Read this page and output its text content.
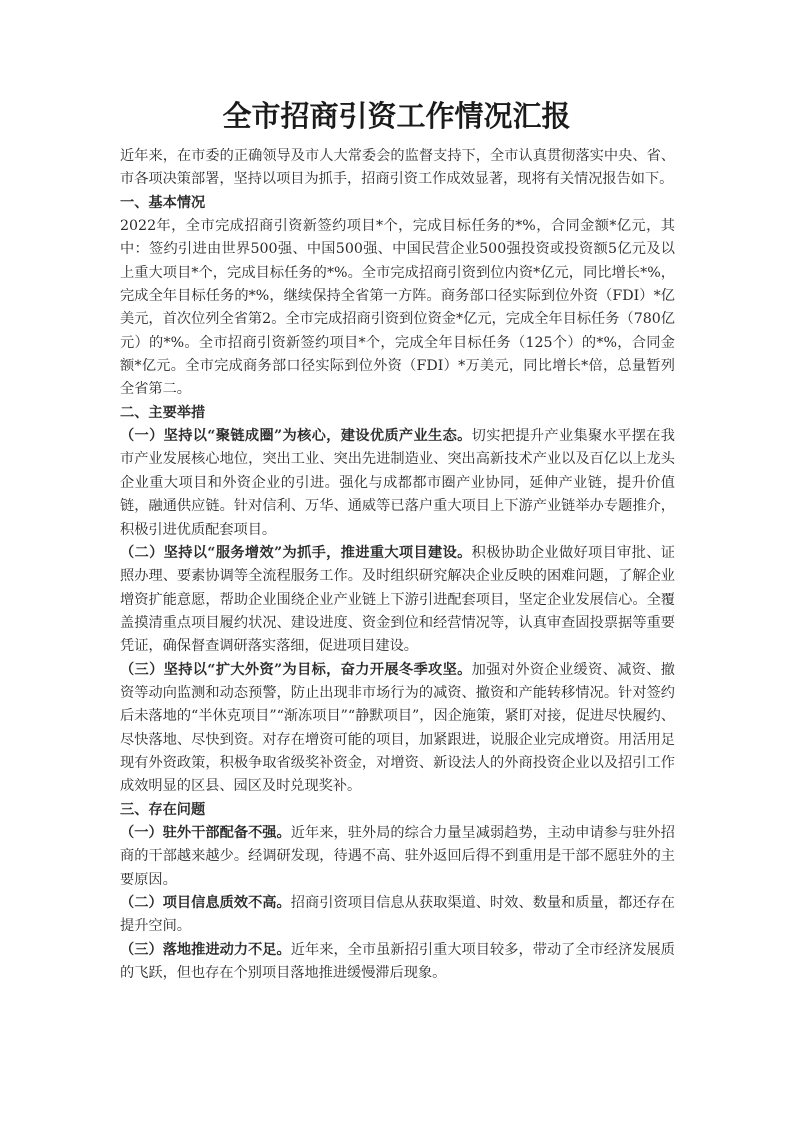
全市招商引资工作情况汇报

近年来，在市委的正确领导及市人大常委会的监督支持下，全市认真贯彻落实中央、省、市各项决策部署，坚持以项目为抓手，招商引资工作成效显著，现将有关情况报告如下。

一、基本情况

2022年，全市完成招商引资新签约项目*个，完成目标任务的*%，合同金额*亿元，其中：签约引进由世界500强、中国500强、中国民营企业500强投资或投资额5亿元及以上重大项目*个，完成目标任务的*%。全市完成招商引资到位内资*亿元，同比增长*%，完成全年目标任务的*%，继续保持全省第一方阵。商务部口径实际到位外资（FDI）*亿美元，首次位列全省第2。全市完成招商引资到位资金*亿元，完成全年目标任务（780亿元）的*%。全市招商引资新签约项目*个，完成全年目标任务（125个）的*%，合同金额*亿元。全市完成商务部口径实际到位外资（FDI）*万美元，同比增长*倍，总量暂列全省第二。

二、主要举措

（一）坚持以“聚链成圈”为核心，建设优质产业生态。切实把提升产业集聚水平摆在我市产业发展核心地位，突出工业、突出先进制造业、突出高新技术产业以及百亿以上龙头企业重大项目和外资企业的引进。强化与成都都市圈产业协同，延伸产业链，提升价值链，融通供应链。针对信利、万华、通威等已落户重大项目上下游产业链举办专题推介，积极引进优质配套项目。

（二）坚持以“服务增效”为抓手，推进重大项目建设。积极协助企业做好项目审批、证照办理、要素协调等全流程服务工作。及时组织研究解决企业反映的困难问题，了解企业增资扩能意愿，帮助企业围绕企业产业链上下游引进配套项目，坚定企业发展信心。全覆盖摸清重点项目履约状况、建设进度、资金到位和经营情况等，认真审查固投票据等重要凭证，确保督查调研落实落细，促进项目建设。

（三）坚持以“扩大外资”为目标，奋力开展冬季攻坚。加强对外资企业缓资、减资、撤资等动向监测和动态预警，防止出现非市场行为的减资、撤资和产能转移情况。针对签约后未落地的“半休克项目”“渐冻项目”“静默项目”，因企施策，紧盯对接，促进尽快履约、尽快落地、尽快到资。对存在增资可能的项目，加紧跟进，说服企业完成增资。用活用足现有外资政策，积极争取省级奖补资金，对增资、新设法人的外商投资企业以及招引工作成效明显的区县、园区及时兑现奖补。

三、存在问题

（一）驻外干部配备不强。近年来，驻外局的综合力量呈减弱趋势，主动申请参与驻外招商的干部越来越少。经调研发现，待遇不高、驻外返回后得不到重用是干部不愿驻外的主要原因。

（二）项目信息质效不高。招商引资项目信息从获取渠道、时效、数量和质量，都还存在提升空间。

（三）落地推进动力不足。近年来，全市虽新招引重大项目较多，带动了全市经济发展质的飞跃，但也存在个别项目落地推进缓慢滞后现象。
